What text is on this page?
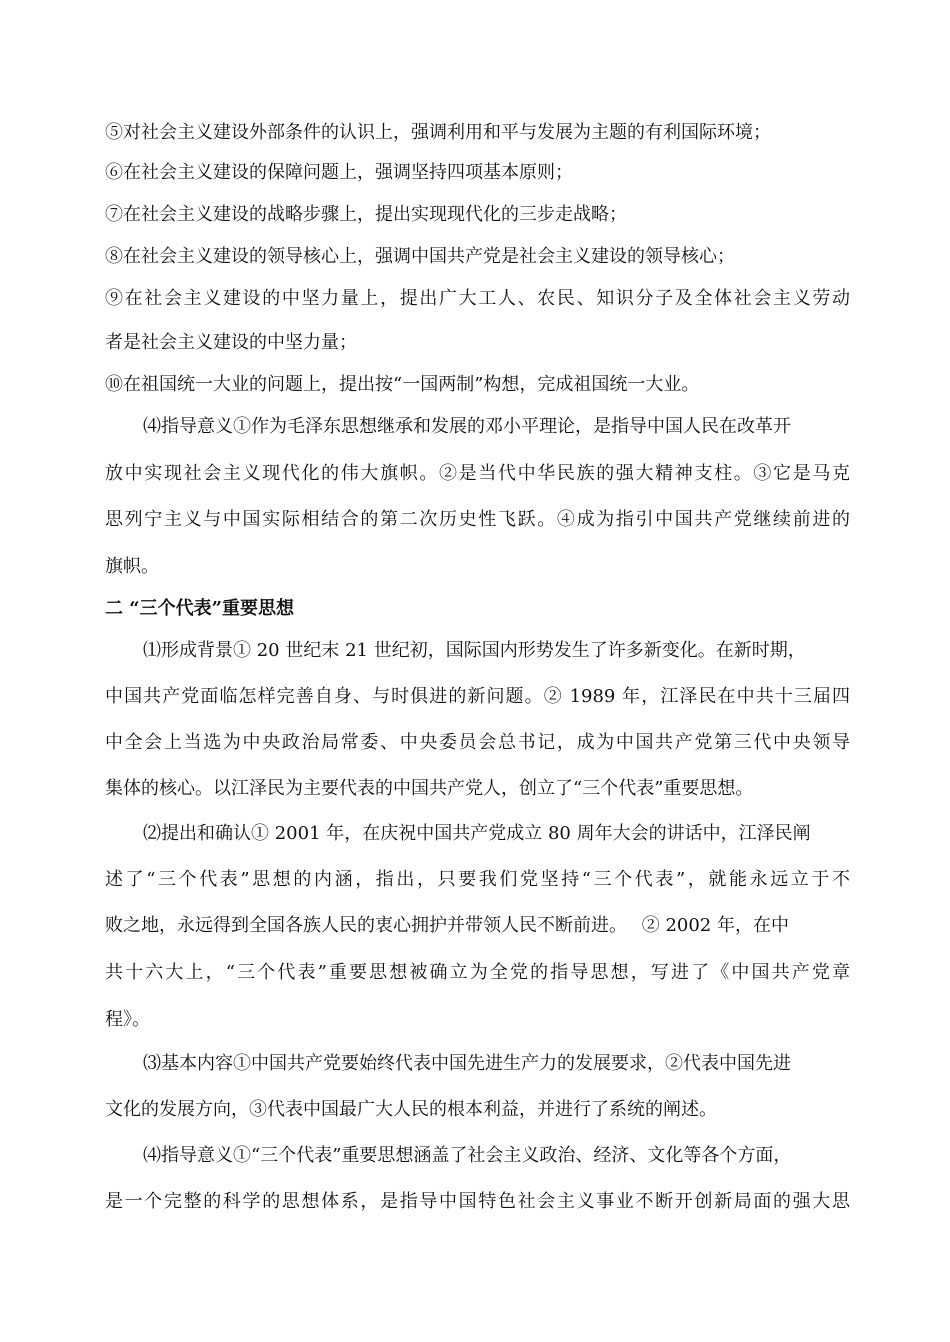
⑤对社会主义建设外部条件的认识上，强调利用和平与发展为主题的有利国际环境；
⑥在社会主义建设的保障问题上，强调坚持四项基本原则；
⑦在社会主义建设的战略步骤上，提出实现现代化的三步走战略；
⑧在社会主义建设的领导核心上，强调中国共产党是社会主义建设的领导核心；
⑨在社会主义建设的中坚力量上，提出广大工人、农民、知识分子及全体社会主义劳动
者是社会主义建设的中坚力量；
⑩在祖国统一大业的问题上，提出按“一国两制”构想，完成祖国统一大业。
⑷指导意义①作为毛泽东思想继承和发展的邓小平理论，是指导中国人民在改革开
放中实现社会主义现代化的伟大旗帜。②是当代中华民族的强大精神支柱。③它是马克
思列宁主义与中国实际相结合的第二次历史性飞跃。④成为指引中国共产党继续前进的
旗帜。
二 “三个代表”重要思想
⑴形成背景① 20 世纪末 21 世纪初，国际国内形势发生了许多新变化。在新时期，
中国共产党面临怎样完善自身、与时俱进的新问题。② 1989 年，江泽民在中共十三届四
中全会上当选为中央政治局常委、中央委员会总书记，成为中国共产党第三代中央领导
集体的核心。以江泽民为主要代表的中国共产党人，创立了“三个代表”重要思想。
⑵提出和确认① 2001 年，在庆祝中国共产党成立 80 周年大会的讲话中，江泽民阐
述了“三个代表”思想的内涵，指出，只要我们党坚持“三个代表”，就能永远立于不
败之地，永远得到全国各族人民的衷心拥护并带领人民不断前进。　 ② 2002 年，在中
共十六大上，“三个代表”重要思想被确立为全党的指导思想，写进了《中国共产党章
程》。
⑶基本内容①中国共产党要始终代表中国先进生产力的发展要求，②代表中国先进
文化的发展方向，③代表中国最广大人民的根本利益，并进行了系统的阐述。
⑷指导意义①“三个代表”重要思想涵盖了社会主义政治、经济、文化等各个方面，
是一个完整的科学的思想体系，是指导中国特色社会主义事业不断开创新局面的强大思
